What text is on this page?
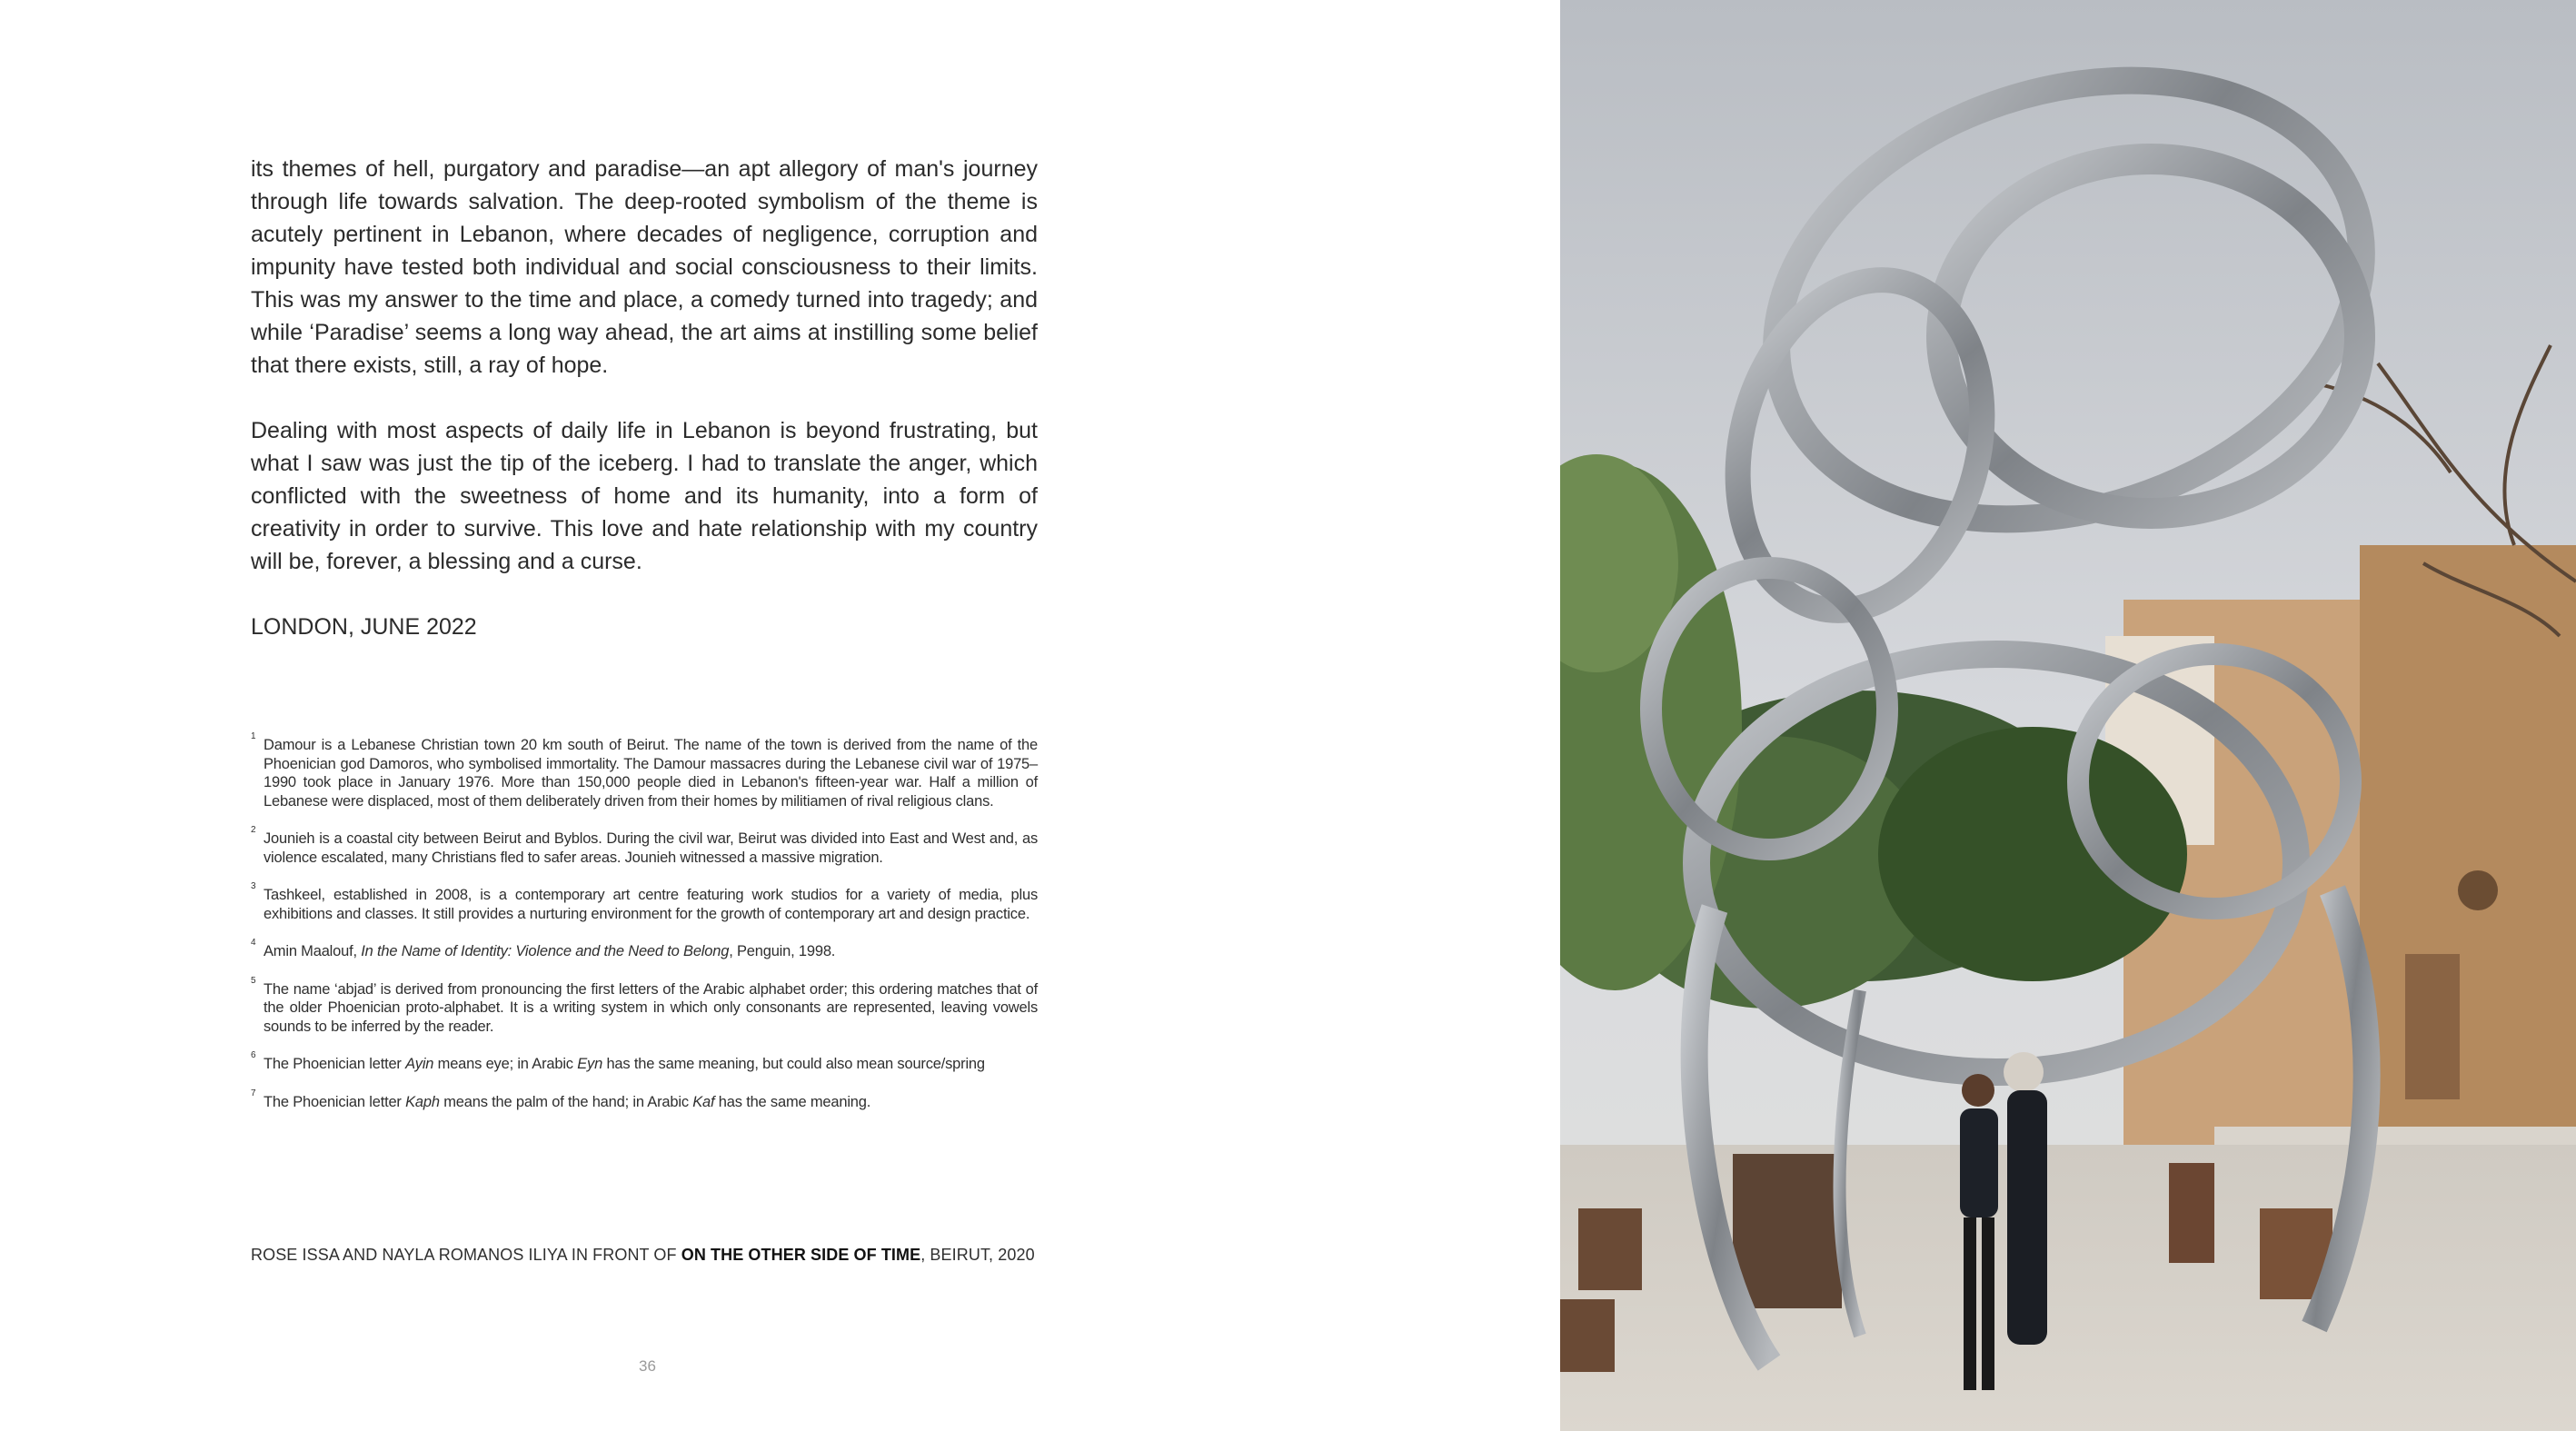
its themes of hell, purgatory and paradise—an apt allegory of man's journey through life towards salvation. The deep-rooted symbolism of the theme is acutely pertinent in Lebanon, where decades of negligence, corruption and impunity have tested both individual and social consciousness to their limits. This was my answer to the time and place, a comedy turned into tragedy; and while ‘Paradise’ seems a long way ahead, the art aims at instilling some belief that there exists, still, a ray of hope.

Dealing with most aspects of daily life in Lebanon is beyond frustrating, but what I saw was just the tip of the iceberg. I had to translate the anger, which conflicted with the sweetness of home and its humanity, into a form of creativity in order to survive. This love and hate relationship with my country will be, forever, a blessing and a curse.

LONDON, JUNE 2022

1
Damour is a Lebanese Christian town 20 km south of Beirut. The name of the town is derived from the name of the Phoenician god Damoros, who symbolised immortality. The Damour massacres during the Lebanese civil war of 1975–1990 took place in January 1976. More than 150,000 people died in Lebanon's fifteen-year war. Half a million of Lebanese were displaced, most of them deliberately driven from their homes by militiamen of rival religious clans.

2
Jounieh is a coastal city between Beirut and Byblos. During the civil war, Beirut was divided into East and West and, as violence escalated, many Christians fled to safer areas. Jounieh witnessed a massive migration.

3
Tashkeel, established in 2008, is a contemporary art centre featuring work studios for a variety of media, plus exhibitions and classes. It still provides a nurturing environment for the growth of contemporary art and design practice.

4
Amin Maalouf, In the Name of Identity: Violence and the Need to Belong, Penguin, 1998.

5
The name ‘abjad’ is derived from pronouncing the first letters of the Arabic alphabet order; this ordering matches that of the older Phoenician proto-alphabet. It is a writing system in which only consonants are represented, leaving vowels sounds to be inferred by the reader.

6
The Phoenician letter Ayin means eye; in Arabic Eyn has the same meaning, but could also mean source/spring

7
The Phoenician letter Kaph means the palm of the hand; in Arabic Kaf has the same meaning.

ROSE ISSA AND NAYLA ROMANOS ILIYA IN FRONT OF ON THE OTHER SIDE OF TIME, BEIRUT, 2020
36
